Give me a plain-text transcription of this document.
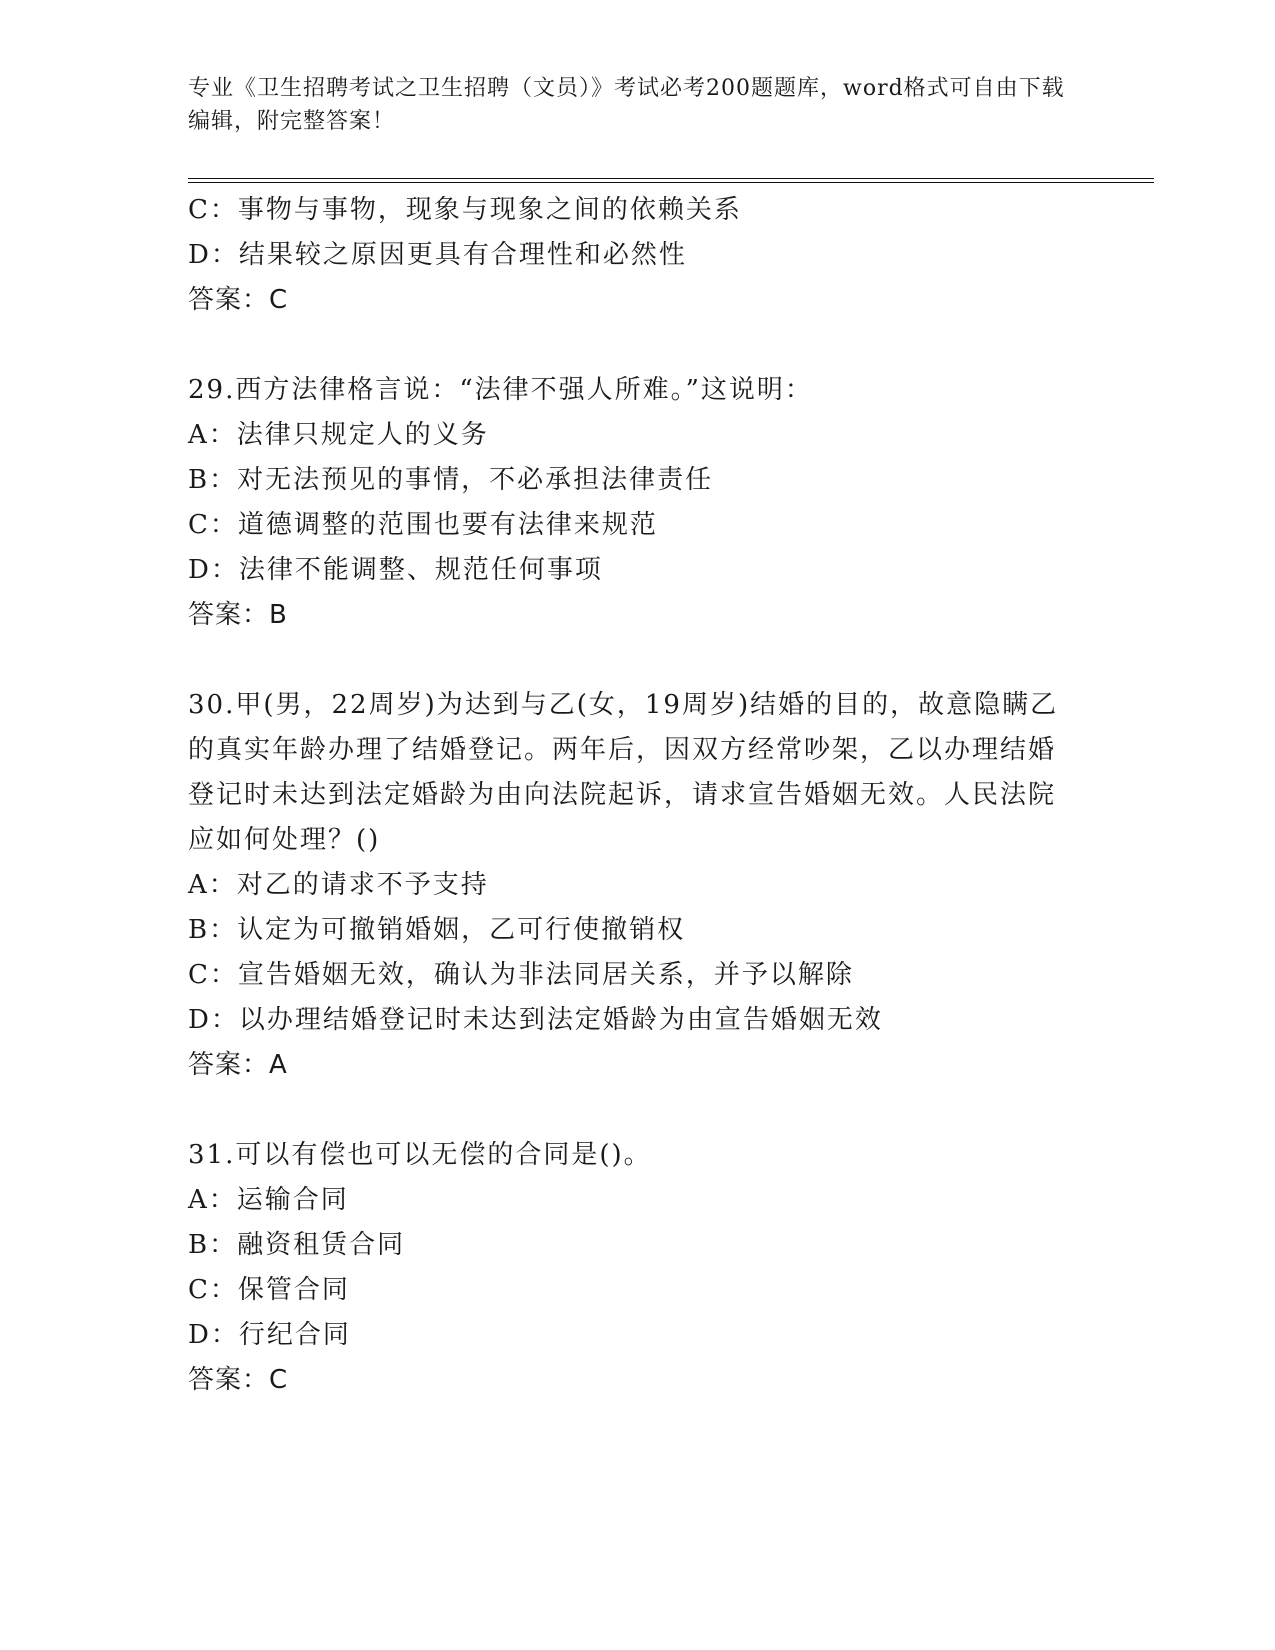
专业《卫生招聘考试之卫生招聘（文员）》考试必考200题题库，word格式可自由下载编辑，附完整答案！
C：事物与事物，现象与现象之间的依赖关系
D：结果较之原因更具有合理性和必然性
答案：C
29.西方法律格言说：“法律不强人所难。”这说明：
A：法律只规定人的义务
B：对无法预见的事情，不必承担法律责任
C：道德调整的范围也要有法律来规范
D：法律不能调整、规范任何事项
答案：B
30.甲(男，22周岁)为达到与乙(女，19周岁)结婚的目的，故意隐瞒乙的真实年龄办理了结婚登记。两年后，因双方经常吵架，乙以办理结婚登记时未达到法定婚龄为由向法院起诉，请求宣告婚姻无效。人民法院应如何处理？()
A：对乙的请求不予支持
B：认定为可撤销婚姻，乙可行使撤销权
C：宣告婚姻无效，确认为非法同居关系，并予以解除
D：以办理结婚登记时未达到法定婚龄为由宣告婚姻无效
答案：A
31.可以有偿也可以无偿的合同是()。
A：运输合同
B：融资租赁合同
C：保管合同
D：行纪合同
答案：C
